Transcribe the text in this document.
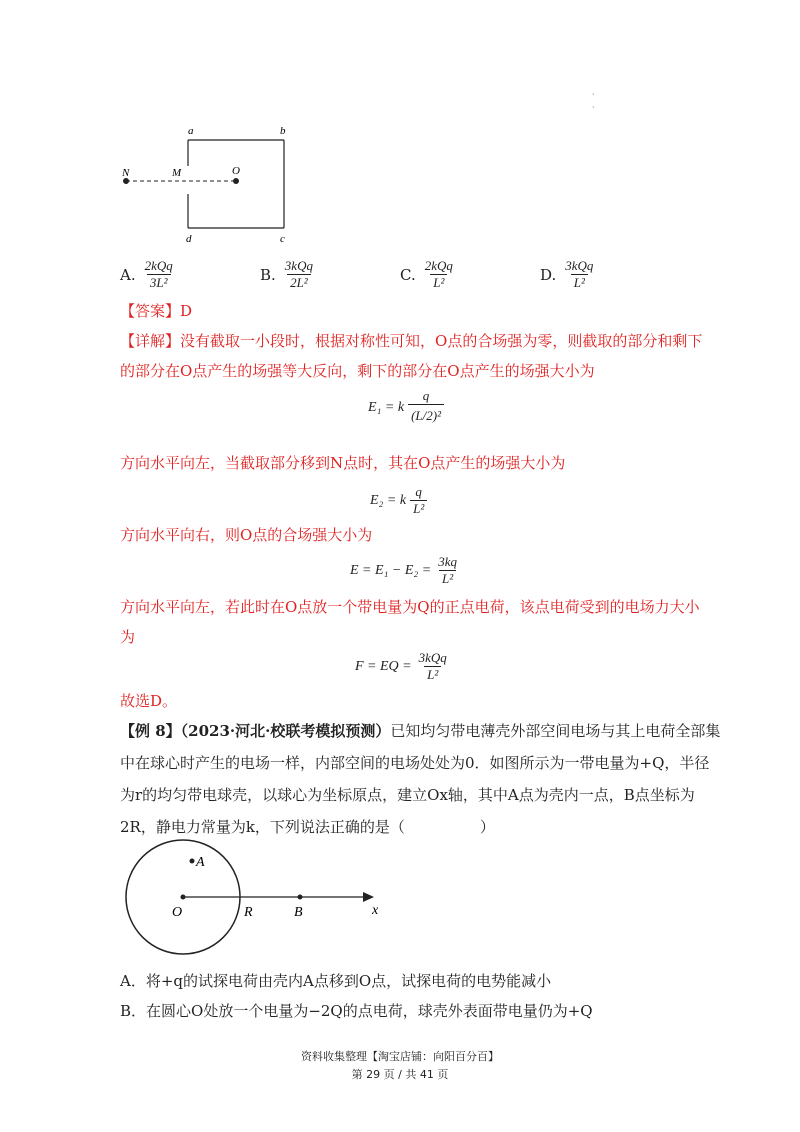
·
·
a	b
c
d
N	M	O
A. $\frac{\text{2kQq}}{\text{3L²}}$	B. $\frac{\text{3kQq}}{\text{2L²}}$	C. $\frac{\text{2kQq}}{\text{L²}}$	D. $\frac{\text{3kQq}}{\text{L²}}$
【答案】D
【详解】没有截取一小段时，根据对称性可知，O点的合场强为零，则截取的部分和剩下
的部分在O点产生的场强等大反向，剩下的部分在O点产生的场强大小为
E₁ = k $\frac{q}{\text{(L/2)²}}$
方向水平向左，当截取部分移到N点时，其在O点产生的场强大小为
E₂ = k $\frac{q}{\text{L²}}$
方向水平向右，则O点的合场强大小为
$E = E_1 - E_2 = \frac{3kq}{\text{L²}}$
方向水平向左，若此时在O点放一个带电量为Q的正点电荷，该点电荷受到的电场力大小
为
F = EQ = $\frac{\text{3kQq}}{\text{L²}}$
故选D。
【例 8】（2023·河北·校联考模拟预测）已知均匀带电薄壳外部空间电场与其上电荷全部集
中在球心时产生的电场一样，内部空间的电场处处为0．如图所示为一带电量为+Q，半径
为r的均匀带电球壳，以球心为坐标原点，建立Ox轴，其中A点为壳内一点，B点坐标为
2R，静电力常量为k，下列说法正确的是（　　　　　）
A
O	R	B	x
A．将+q的试探电荷由壳内A点移到O点，试探电荷的电势能减小
B．在圆心O处放一个电量为−2Q的点电荷，球壳外表面带电量仍为+Q
资料收集整理【淘宝店铺：向阳百分百】
第 29 页 / 共 41 页
